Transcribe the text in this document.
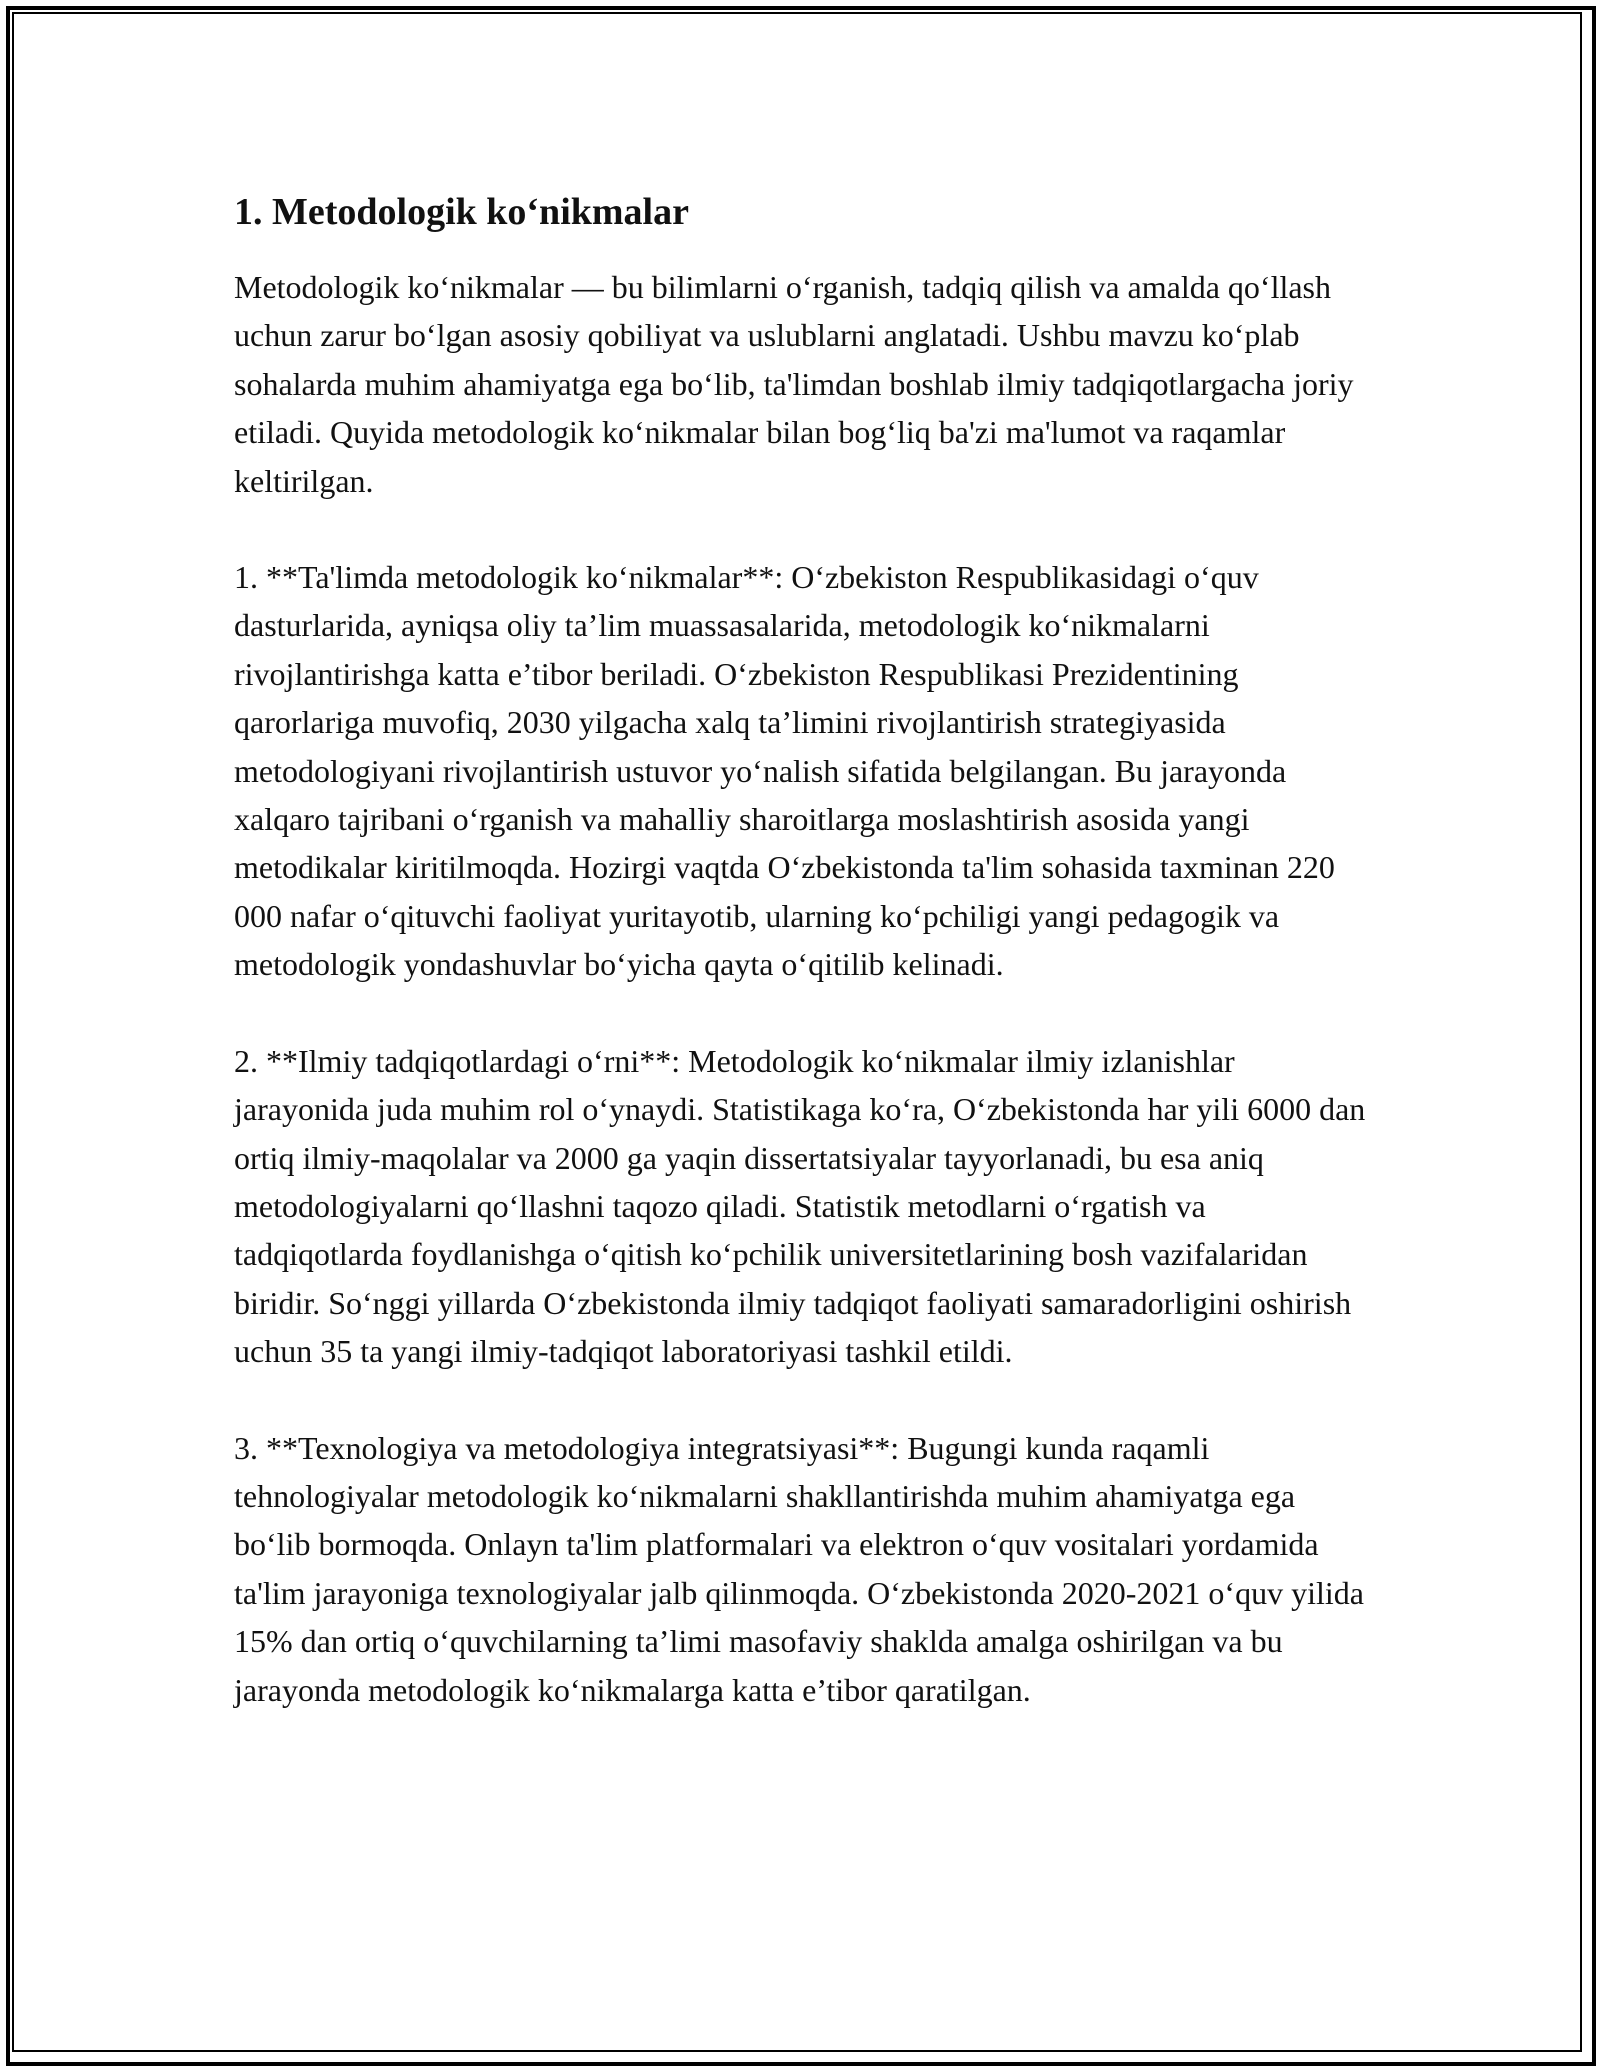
1. Metodologik ko‘nikmalar

Metodologik ko‘nikmalar — bu bilimlarni o‘rganish, tadqiq qilish va amalda qo‘llash uchun zarur bo‘lgan asosiy qobiliyat va uslublarni anglatadi. Ushbu mavzu ko‘plab sohalarda muhim ahamiyatga ega bo‘lib, ta'limdan boshlab ilmiy tadqiqotlargacha joriy etiladi. Quyida metodologik ko‘nikmalar bilan bog‘liq ba'zi ma'lumot va raqamlar keltirilgan.

1. **Ta'limda metodologik ko‘nikmalar**: O‘zbekiston Respublikasidagi o‘quv dasturlarida, ayniqsa oliy ta’lim muassasalarida, metodologik ko‘nikmalarni rivojlantirishga katta e’tibor beriladi. O‘zbekiston Respublikasi Prezidentining qarorlariga muvofiq, 2030 yilgacha xalq ta’limini rivojlantirish strategiyasida metodologiyani rivojlantirish ustuvor yo‘nalish sifatida belgilangan. Bu jarayonda xalqaro tajribani o‘rganish va mahalliy sharoitlarga moslashtirish asosida yangi metodikalar kiritilmoqda. Hozirgi vaqtda O‘zbekistonda ta'lim sohasida taxminan 220 000 nafar o‘qituvchi faoliyat yuritayotib, ularning ko‘pchiligi yangi pedagogik va metodologik yondashuvlar bo‘yicha qayta o‘qitilib kelinadi.

2. **Ilmiy tadqiqotlardagi o‘rni**: Metodologik ko‘nikmalar ilmiy izlanishlar jarayonida juda muhim rol o‘ynaydi. Statistikaga ko‘ra, O‘zbekistonda har yili 6000 dan ortiq ilmiy-maqolalar va 2000 ga yaqin dissertatsiyalar tayyorlanadi, bu esa aniq metodologiyalarni qo‘llashni taqozo qiladi. Statistik metodlarni o‘rgatish va tadqiqotlarda foydlanishga o‘qitish ko‘pchilik universitetlarining bosh vazifalaridan biridir. So‘nggi yillarda O‘zbekistonda ilmiy tadqiqot faoliyati samaradorligini oshirish uchun 35 ta yangi ilmiy-tadqiqot laboratoriyasi tashkil etildi.

3. **Texnologiya va metodologiya integratsiyasi**: Bugungi kunda raqamli tehnologiyalar metodologik ko‘nikmalarni shakllantirishda muhim ahamiyatga ega bo‘lib bormoqda. Onlayn ta'lim platformalari va elektron o‘quv vositalari yordamida ta'lim jarayoniga texnologiyalar jalb qilinmoqda. O‘zbekistonda 2020-2021 o‘quv yilida 15% dan ortiq o‘quvchilarning ta’limi masofaviy shaklda amalga oshirilgan va bu jarayonda metodologik ko‘nikmalarga katta e’tibor qaratilgan.
